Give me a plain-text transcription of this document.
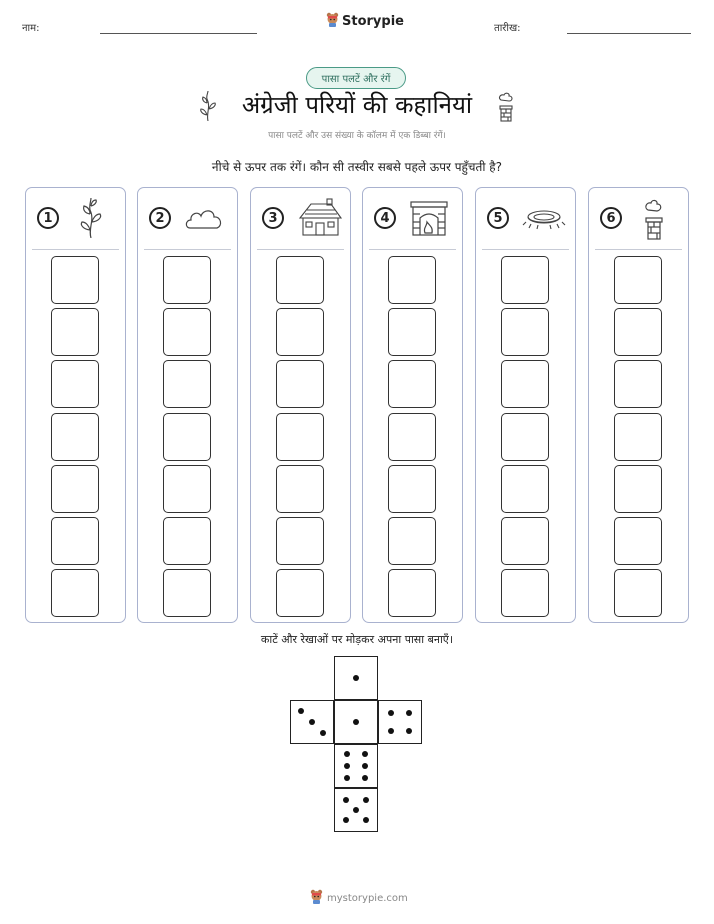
नाम:	Storypie	तारीख:
पासा पलटें और रंगें
अंग्रेजी परियों की कहानियां
पासा पलटें और उस संख्या के कॉलम में एक डिब्बा रंगें।
नीचे से ऊपर तक रंगें। कौन सी तस्वीर सबसे पहले ऊपर पहुँचती है?
1	2	3	4	5	6
काटें और रेखाओं पर मोड़कर अपना पासा बनाएँ।
mystorypie.com
